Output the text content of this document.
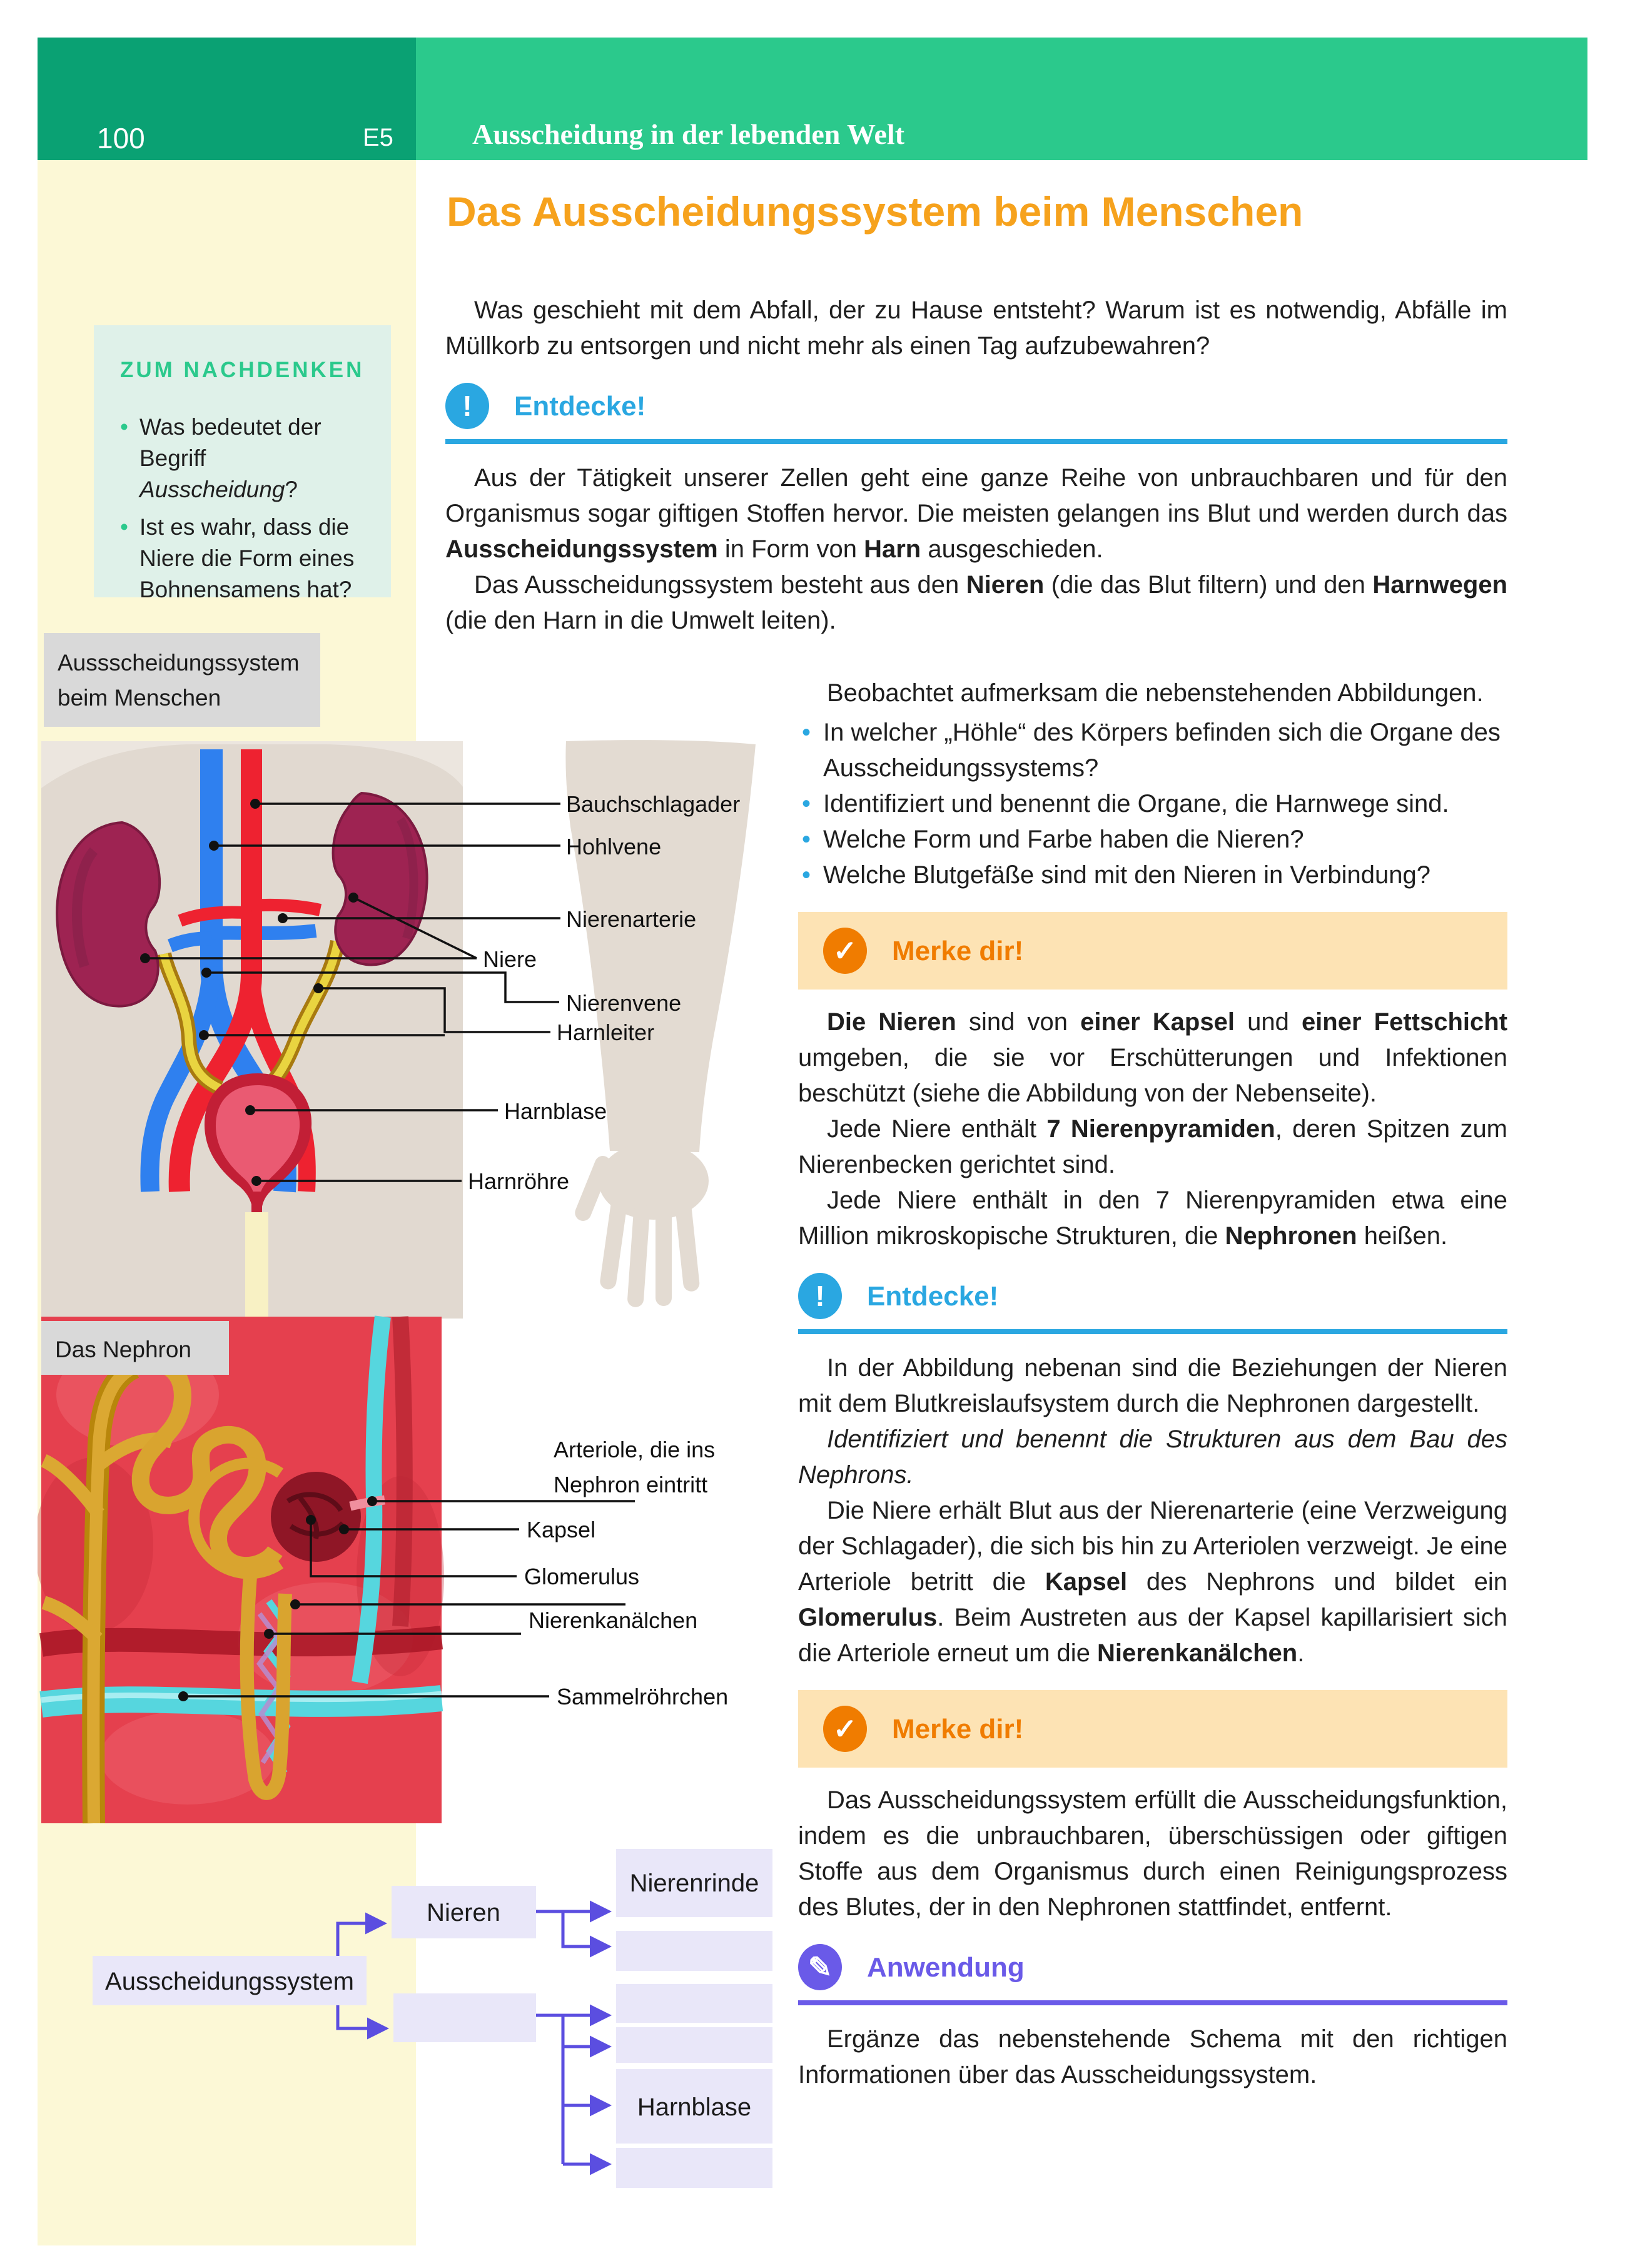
100	E5	Ausscheidung in der lebenden Welt
ZUM NACHDENKEN
• Was bedeutet der Begriff Ausscheidung?
• Ist es wahr, dass die Niere die Form eines Bohnensamens hat?
Das Ausscheidungssystem beim Menschen

Was geschieht mit dem Abfall, der zu Hause entsteht? Warum ist es notwendig, Abfälle im Müllkorb zu entsorgen und nicht mehr als einen Tag aufzubewahren?

!	Entdecke!

Aus der Tätigkeit unserer Zellen geht eine ganze Reihe von unbrauchbaren und für den Organismus sogar giftigen Stoffen hervor. Die meisten gelangen ins Blut und werden durch das Ausscheidungssystem in Form von Harn ausgeschieden.

Das Ausscheidungssystem besteht aus den Nieren (die das Blut filtern) und den Harnwegen (die den Harn in die Umwelt leiten).

Beobachtet aufmerksam die nebenstehenden Abbildungen.

• In welcher „Höhle“ des Körpers befinden sich die Organe des Ausscheidungssystems?
• Identifiziert und benennt die Organe, die Harnwege sind.
• Welche Form und Farbe haben die Nieren?
• Welche Blutgefäße sind mit den Nieren in Verbindung?
✓	Merke dir!

Die Nieren sind von einer Kapsel und einer Fettschicht umgeben, die sie vor Erschütterungen und Infektionen beschützt (siehe die Abbildung von der Nebenseite).

Jede Niere enthält 7 Nierenpyramiden, deren Spitzen zum Nierenbecken gerichtet sind.

Jede Niere enthält in den 7 Nierenpyramiden etwa eine Million mikroskopische Strukturen, die Nephronen heißen.

!	Entdecke!

In der Abbildung nebenan sind die Beziehungen der Nieren mit dem Blutkreislaufsystem durch die Nephronen dargestellt.

Identifiziert und benennt die Strukturen aus dem Bau des Nephrons.

Die Niere erhält Blut aus der Nierenarterie (eine Verzweigung der Schlagader), die sich bis hin zu Arteriolen verzweigt. Je eine Arteriole betritt die Kapsel des Nephrons und bildet ein Glomerulus. Beim Austreten aus der Kapsel kapillarisiert sich die Arteriole erneut um die Nierenkanälchen.

✓	Merke dir!

Das Ausscheidungssystem erfüllt die Ausscheidungsfunktion, indem es die unbrauchbaren, überschüssigen oder giftigen Stoffe aus dem Organismus durch einen Reinigungsprozess des Blutes, der in den Nephronen stattfindet, entfernt.

✎	Anwendung

Ergänze das nebenstehende Schema mit den richtigen Informationen über das Ausscheidungssystem.

Aussscheidungssystem
beim Menschen
Bauchschlagader
Hohlvene
Nierenarterie
Niere
Nierenvene
Harnleiter
Harnblase
Harnröhre
Das Nephron
Arteriole, die ins
Nephron eintritt
Kapsel
Glomerulus
Nierenkanälchen
Sammelröhrchen
Ausscheidungssystem
Nieren
Nierenrinde
Harnblase
